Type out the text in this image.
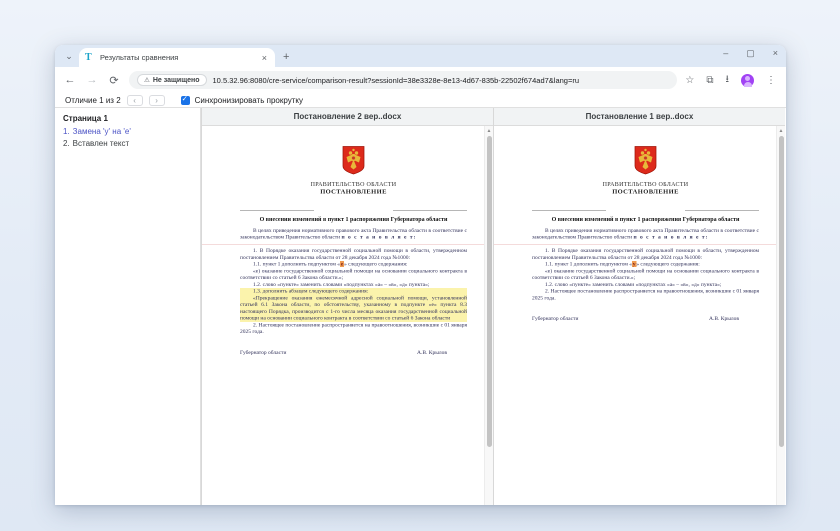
⌄	T	Результаты сравнения	× +	– ▢ ×
← → ⟳	⚠ Не защищено 10.5.32.96:8080/cre-service/comparison-result?sessionId=38e3328e-8e13-4d67-835b-22502f674ad7&lang=ru	☆ ⧉ ⭳	⋮
Отличие 1 из 2	‹	› ✓	Синхронизировать прокрутку
Страница 1
1. Замена 'у' на 'е'
2. Вставлен текст
Постановление 2 вер..docx
ПРАВИТЕЛЬСТВО ОБЛАСТИ
ПОСТАНОВЛЕНИЕ
О внесении изменений в пункт 1 распоряжения Губернатора области

В целях приведения нормативного правового акта Правительства области в соответствие с законодательством Правительство области п о с т а н о в л я е т:

1. В Порядке оказания государственной социальной помощи в области, утвержденном постановлением Правительства области от 28 декабря 2024 года №1000:

1.1. пункт 1 дополнить подпунктом «е» следующего содержания:

«е) оказание государственной социальной помощи на основании социального контракта в соответствии со статьей 6 Закона области.»;

1.2. слово «пункте» заменить словами «подпунктах «а» – «в», «д» пункта»;

1.3. дополнить абзацем следующего содержания:

«Прекращение оказания ежемесячной адресной социальной помощи, установленной статьей 6.1 Закона области, по обстоятельству, указанному в подпункте «е» пункта 8.3 настоящего Порядка, производится с 1-го числа месяца оказания государственной социальной помощи на основании социального контракта в соответствии со статьей 6 Закона области

2. Настоящее постановление распространяется на правоотношения, возникшие с 01 января 2025 года.

Губернатор области	А.В. Крылов
▲
Постановление 1 вер..docx
ПРАВИТЕЛЬСТВО ОБЛАСТИ
ПОСТАНОВЛЕНИЕ
О внесении изменений в пункт 1 распоряжения Губернатора области

В целях приведения нормативного правового акта Правительства области в соответствие с законодательством Правительство области п о с т а н о в л я е т:

1. В Порядке оказания государственной социальной помощи в области, утвержденном постановлением Правительства области от 28 декабря 2024 года №1000:

1.1. пункт 1 дополнить подпунктом «у» следующего содержания:

«е) оказание государственной социальной помощи на основании социального контракта в соответствии со статьей 6 Закона области.»;

1.2. слово «пункте» заменить словами «подпунктах «а» – «в», «д» пункта»;

2. Настоящее постановление распространяется на правоотношения, возникшие с 01 января 2025 года.

Губернатор области	А.В. Крылов
▲
